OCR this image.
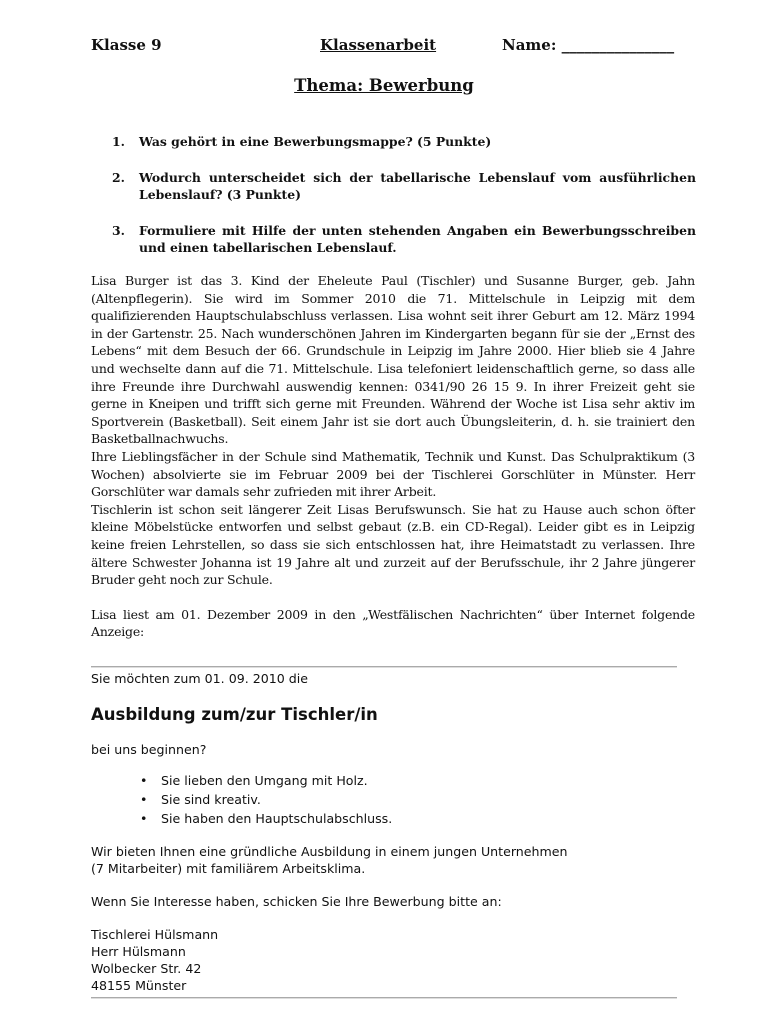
Klasse 9	Klassenarbeit	Name: _______________
Thema: Bewerbung
1. Was gehört in eine Bewerbungsmappe? (5 Punkte)
2. Wodurch unterscheidet sich der tabellarische Lebenslauf vom ausführlichen Lebenslauf? (3 Punkte)
3. Formuliere mit Hilfe der unten stehenden Angaben ein Bewerbungsschreiben und einen tabellarischen Lebenslauf.

Lisa Burger ist das 3. Kind der Eheleute Paul (Tischler) und Susanne Burger, geb. Jahn (Altenpflegerin). Sie wird im Sommer 2010 die 71. Mittelschule in Leipzig mit dem qualifizierenden Hauptschulabschluss verlassen. Lisa wohnt seit ihrer Geburt am 12. März 1994 in der Gartenstr. 25. Nach wunderschönen Jahren im Kindergarten begann für sie der „Ernst des Lebens“ mit dem Besuch der 66. Grundschule in Leipzig im Jahre 2000. Hier blieb sie 4 Jahre und wechselte dann auf die 71. Mittelschule. Lisa telefoniert leidenschaftlich gerne, so dass alle ihre Freunde ihre Durchwahl auswendig kennen: 0341/90 26 15 9. In ihrer Freizeit geht sie gerne in Kneipen und trifft sich gerne mit Freunden. Während der Woche ist Lisa sehr aktiv im Sportverein (Basketball). Seit einem Jahr ist sie dort auch Übungsleiterin, d. h. sie trainiert den Basketballnachwuchs.

Ihre Lieblingsfächer in der Schule sind Mathematik, Technik und Kunst. Das Schulpraktikum (3 Wochen) absolvierte sie im Februar 2009 bei der Tischlerei Gorschlüter in Münster. Herr Gorschlüter war damals sehr zufrieden mit ihrer Arbeit.

Tischlerin ist schon seit längerer Zeit Lisas Berufswunsch. Sie hat zu Hause auch schon öfter kleine Möbelstücke entworfen und selbst gebaut (z.B. ein CD-Regal). Leider gibt es in Leipzig keine freien Lehrstellen, so dass sie sich entschlossen hat, ihre Heimatstadt zu verlassen. Ihre ältere Schwester Johanna ist 19 Jahre alt und zurzeit auf der Berufsschule, ihr 2 Jahre jüngerer Bruder geht noch zur Schule.

Lisa liest am 01. Dezember 2009 in den „Westfälischen Nachrichten“ über Internet folgende Anzeige:

Sie möchten zum 01. 09. 2010 die

Ausbildung zum/zur Tischler/in

bei uns beginnen?

• Sie lieben den Umgang mit Holz.
• Sie sind kreativ.
• Sie haben den Hauptschulabschluss.

Wir bieten Ihnen eine gründliche Ausbildung in einem jungen Unternehmen

(7 Mitarbeiter) mit familiärem Arbeitsklima.

Wenn Sie Interesse haben, schicken Sie Ihre Bewerbung bitte an:

Tischlerei Hülsmann

Herr Hülsmann

Wolbecker Str. 42

48155 Münster
